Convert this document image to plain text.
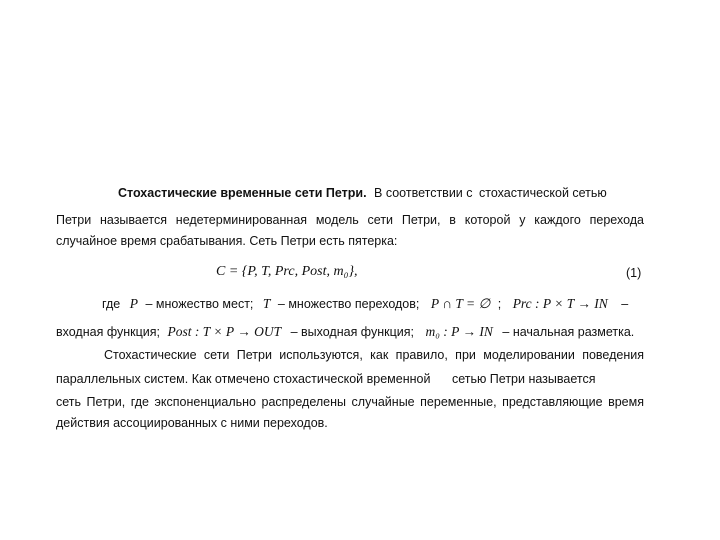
Стохастические временные сети Петри. В соответствии с стохастической сетью
Петри называется недетерминированная модель сети Петри, в которой у каждого перехода
случайное время срабатывания. Сеть Петри есть пятерка:
C = {P, T, Prc, Post, m₀},	(1)
где P – множество мест; T – множество переходов; P ∩ T = ∅ ; Prc : P × T → IN –
входная функция; Post : T × P → OUT – выходная функция; m₀ : P → IN – начальная разметка.
Стохастические сети Петри используются, как правило, при моделировании поведения
параллельных систем. Как отмечено стохастической временной сетью Петри называется
сеть Петри, где экспоненциально распределены случайные переменные, представляющие время
действия ассоциированных с ними переходов.
